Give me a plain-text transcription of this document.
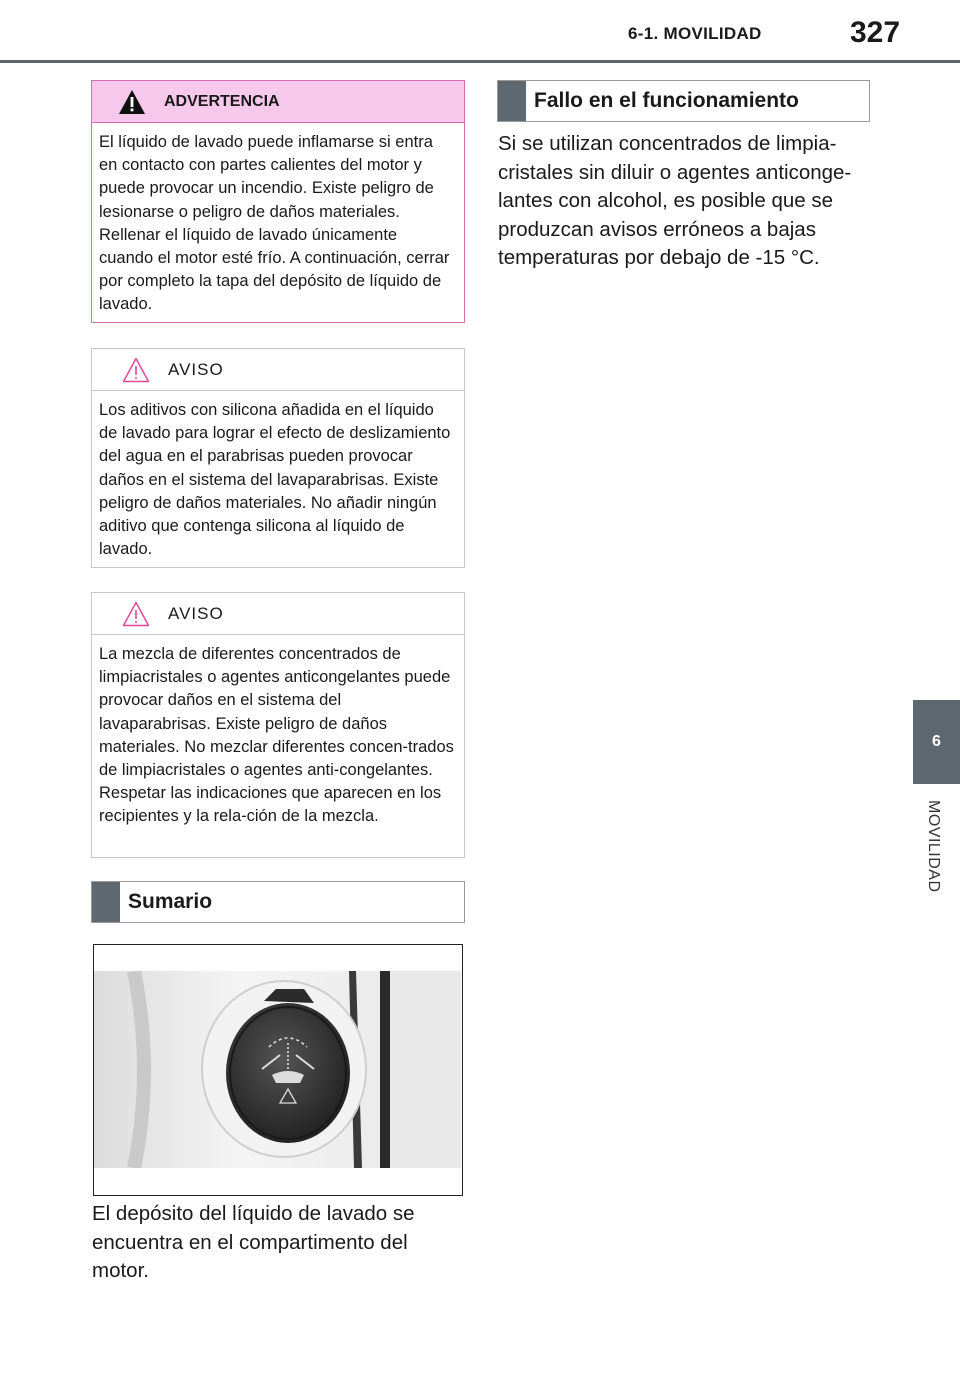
6-1. MOVILIDAD	327
6
MOVILIDAD
ADVERTENCIA
El líquido de lavado puede inflamarse si entra en contacto con partes calientes del motor y puede provocar un incendio. Existe peligro de lesionarse o peligro de daños materiales. Rellenar el líquido de lavado únicamente cuando el motor esté frío. A continuación, cerrar por completo la tapa del depósito de líquido de lavado.
AVISO
Los aditivos con silicona añadida en el líquido de lavado para lograr el efecto de deslizamiento del agua en el parabrisas pueden provocar daños en el sistema del lavaparabrisas. Existe peligro de daños materiales. No añadir ningún aditivo que contenga silicona al líquido de lavado.
AVISO
La mezcla de diferentes concentrados de limpiacristales o agentes anticongelantes puede provocar daños en el sistema del lavaparabrisas. Existe peligro de daños materiales. No mezclar diferentes concen-trados de limpiacristales o agentes anti-congelantes. Respetar las indicaciones que aparecen en los recipientes y la rela-ción de la mezcla.
Sumario
El depósito del líquido de lavado se encuentra en el compartimento del motor.
Fallo en el funcionamiento
Si se utilizan concentrados de limpia-cristales sin diluir o agentes anticonge-lantes con alcohol, es posible que se produzcan avisos erróneos a bajas temperaturas por debajo de -15 °C.
